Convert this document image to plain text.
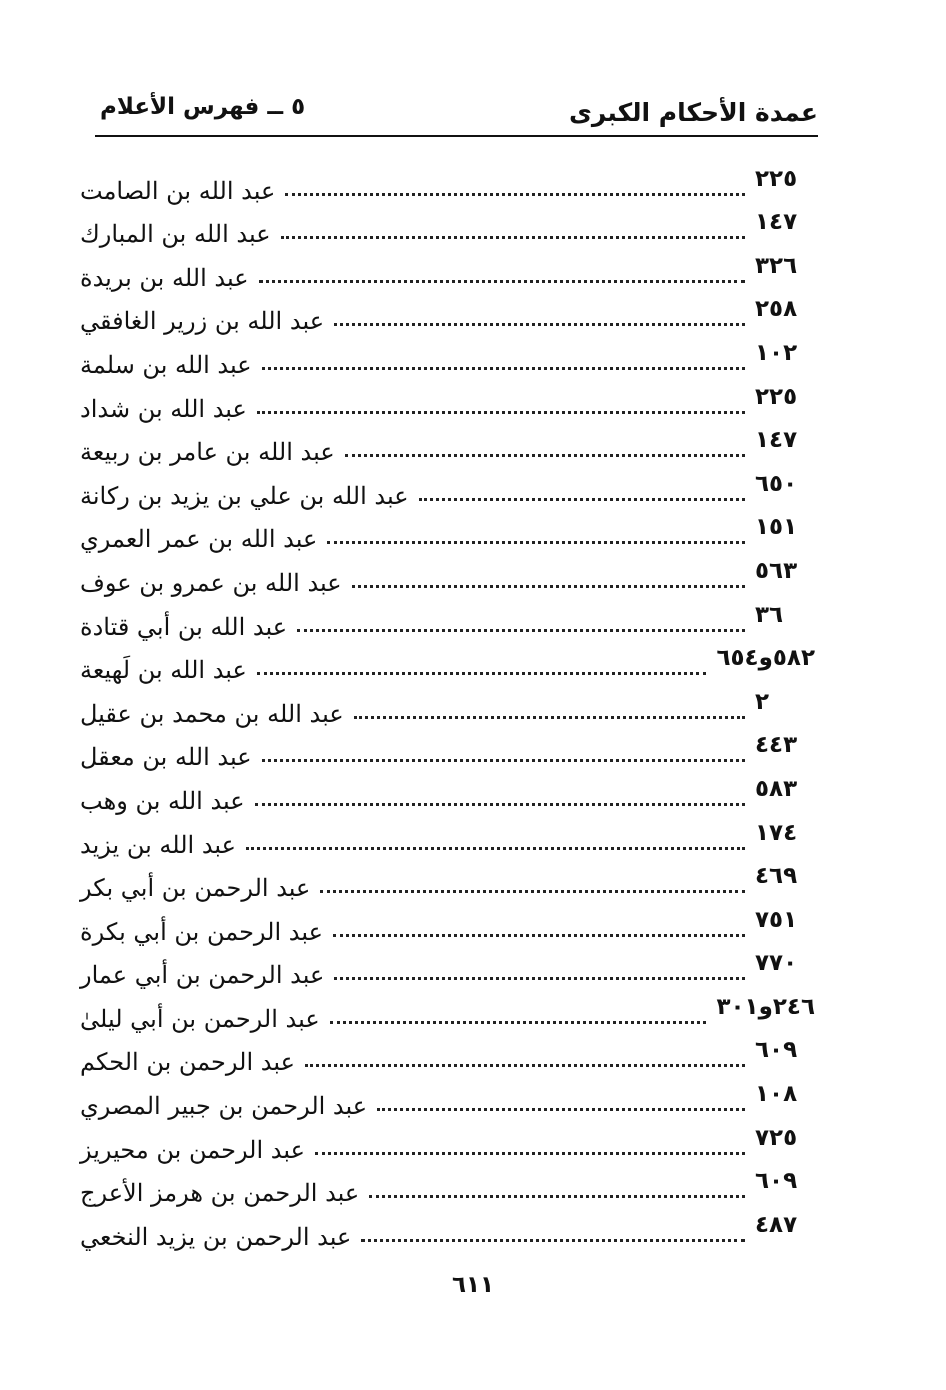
عمدة الأحكام الكبرى
٥ ــ فهرس الأعلام
عبد الله بن الصامت	٢٢٥
عبد الله بن المبارك	١٤٧
عبد الله بن بريدة	٣٢٦
عبد الله بن زرير الغافقي	٢٥٨
عبد الله بن سلمة	١٠٢
عبد الله بن شداد	٢٢٥
عبد الله بن عامر بن ربيعة	١٤٧
عبد الله بن علي بن يزيد بن ركانة	٦٥٠
عبد الله بن عمر العمري	١٥١
عبد الله بن عمرو بن عوف	٥٦٣
عبد الله بن أبي قتادة	٣٦
عبد الله بن لَهيعة	٥٨٢و٦٥٤
عبد الله بن محمد بن عقيل	٢
عبد الله بن معقل	٤٤٣
عبد الله بن وهب	٥٨٣
عبد الله بن يزيد	١٧٤
عبد الرحمن بن أبي بكر	٤٦٩
عبد الرحمن بن أبي بكرة	٧٥١
عبد الرحمن بن أبي عمار	٧٧٠
عبد الرحمن بن أبي ليلىٰ	٢٤٦و٣٠١
عبد الرحمن بن الحكم	٦٠٩
عبد الرحمن بن جبير المصري	١٠٨
عبد الرحمن بن محيريز	٧٢٥
عبد الرحمن بن هرمز الأعرج	٦٠٩
عبد الرحمن بن يزيد النخعي	٤٨٧
٦١١
